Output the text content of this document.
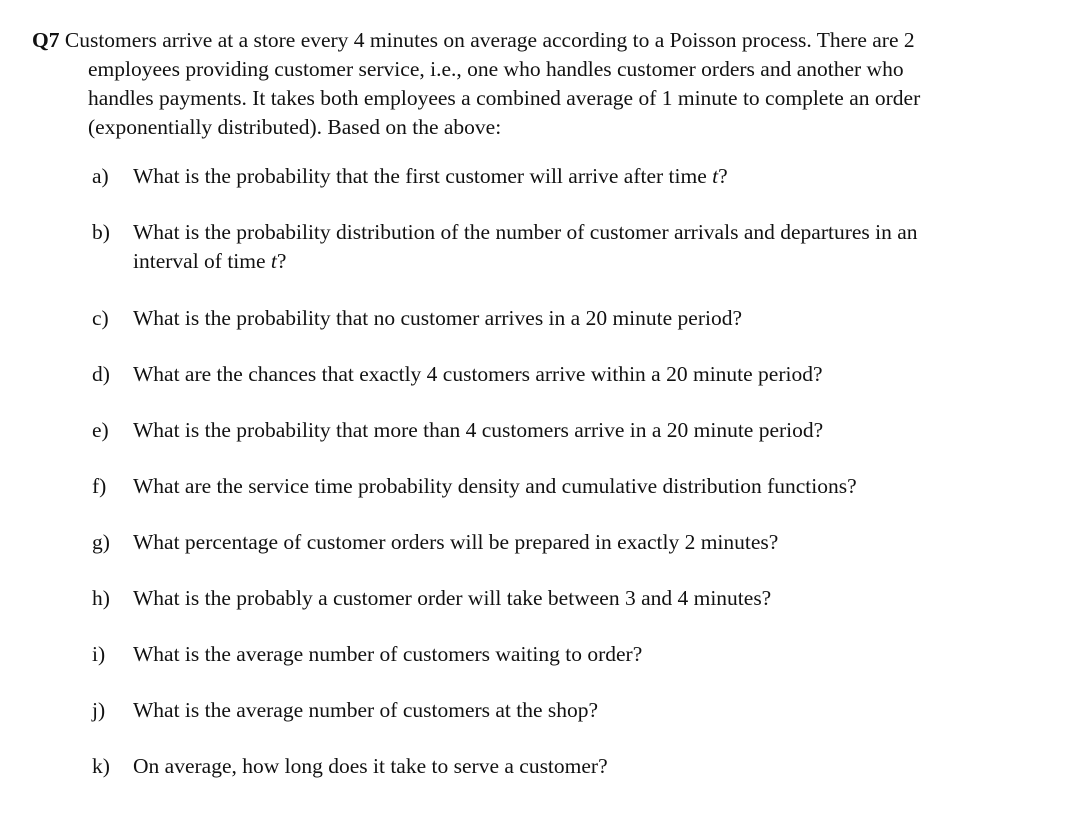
Q7 Customers arrive at a store every 4 minutes on average according to a Poisson process. There are 2
employees providing customer service, i.e., one who handles customer orders and another who
handles payments. It takes both employees a combined average of 1 minute to complete an order
(exponentially distributed). Based on the above:
a) What is the probability that the first customer will arrive after time t?
b) What is the probability distribution of the number of customer arrivals and departures in an
interval of time t?
c) What is the probability that no customer arrives in a 20 minute period?
d) What are the chances that exactly 4 customers arrive within a 20 minute period?
e) What is the probability that more than 4 customers arrive in a 20 minute period?
f) What are the service time probability density and cumulative distribution functions?
g) What percentage of customer orders will be prepared in exactly 2 minutes?
h) What is the probably a customer order will take between 3 and 4 minutes?
i) What is the average number of customers waiting to order?
j) What is the average number of customers at the shop?
k) On average, how long does it take to serve a customer?
